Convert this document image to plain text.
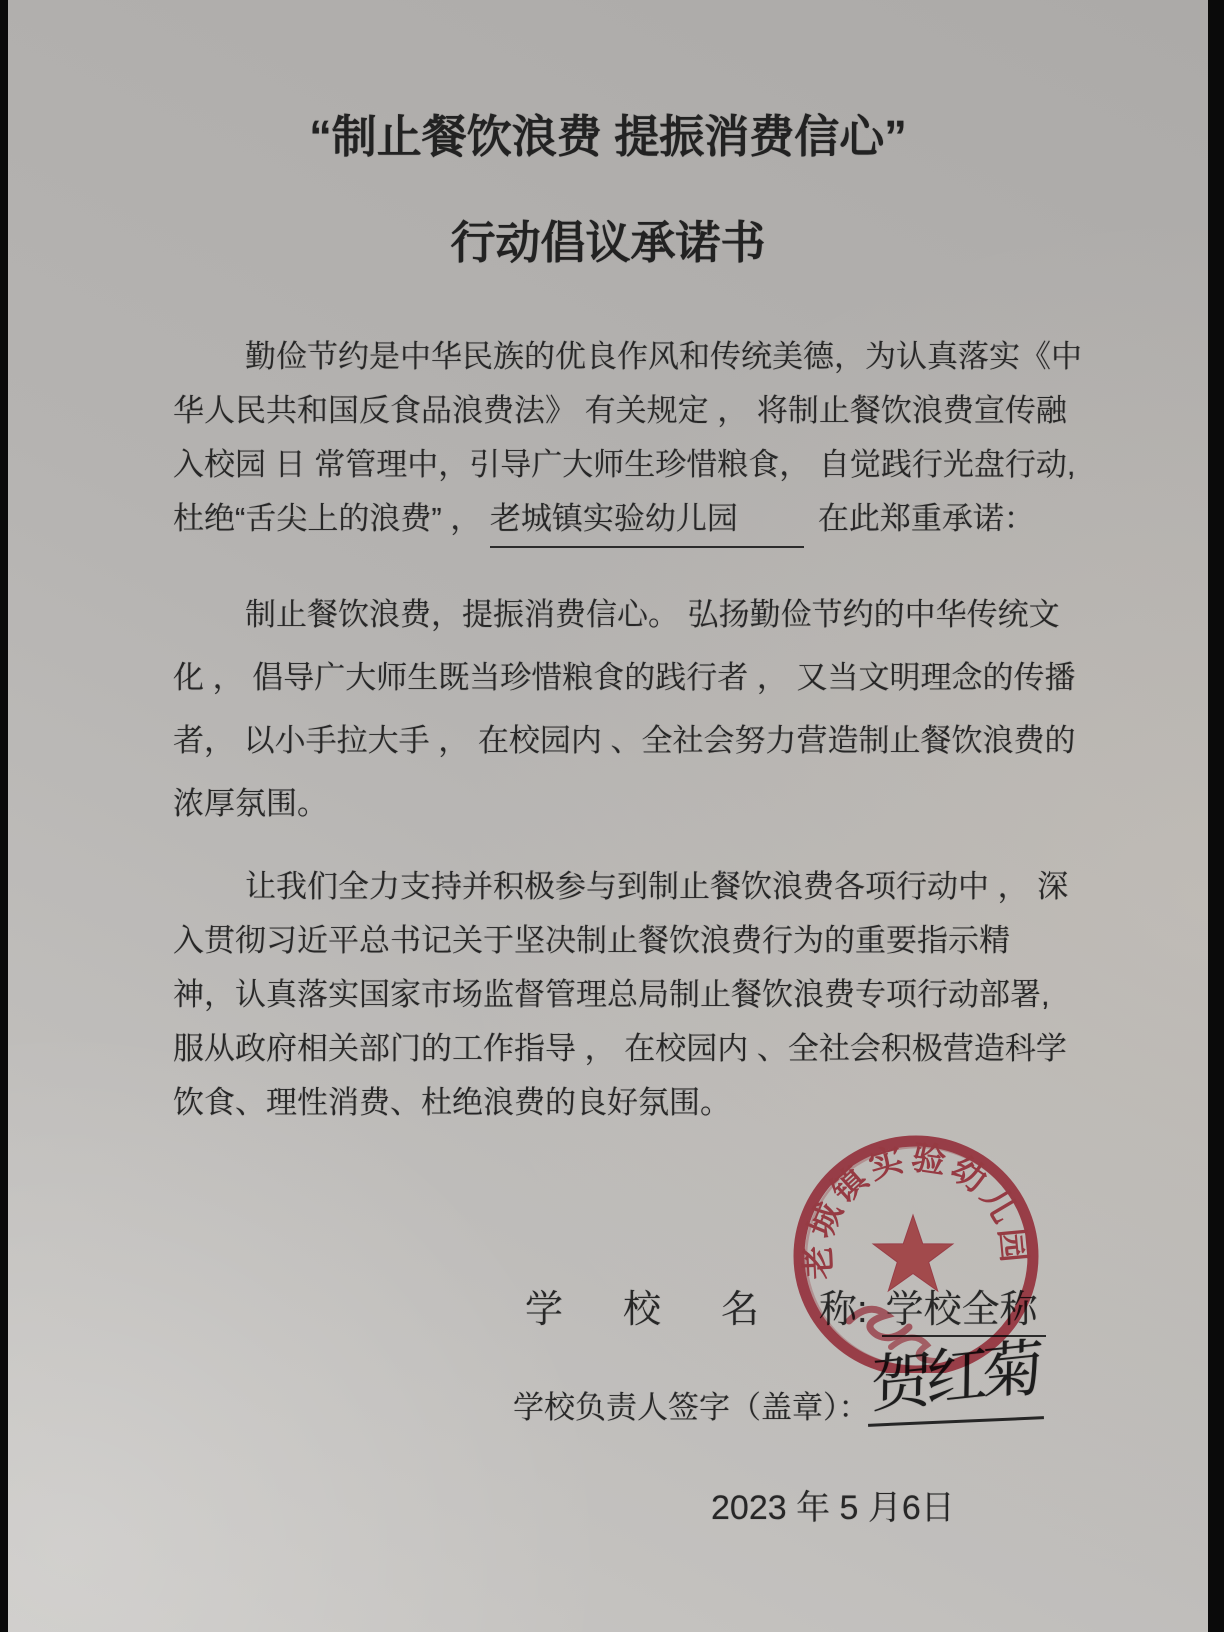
“制止餐饮浪费 提振消费信心”
行动倡议承诺书
勤俭节约是中华民族的优良作风和传统美德，为认真落实《中
华人民共和国反食品浪费法》 有关规定 ， 将制止餐饮浪费宣传融
入校园 日 常管理中，引导广大师生珍惜粮食， 自觉践行光盘行动,
杜绝“舌尖上的浪费” ， 老城镇实验幼儿园	在此郑重承诺：
制止餐饮浪费，提振消费信心。 弘扬勤俭节约的中华传统文
化 ， 倡导广大师生既当珍惜粮食的践行者 ， 又当文明理念的传播
者， 以小手拉大手 ， 在校园内 、全社会努力营造制止餐饮浪费的
浓厚氛围。
让我们全力支持并积极参与到制止餐饮浪费各项行动中 ， 深
入贯彻习近平总书记关于坚决制止餐饮浪费行为的重要指示精
神，认真落实国家市场监督管理总局制止餐饮浪费专项行动部署,
服从政府相关部门的工作指导 ， 在校园内 、全社会积极营造科学
饮食、理性消费、杜绝浪费的良好氛围。
学 校 名 称: 学校全称
学校负责人签字（盖章）： 贺红菊
2023 年 5 月6日
老城镇实验幼儿园
